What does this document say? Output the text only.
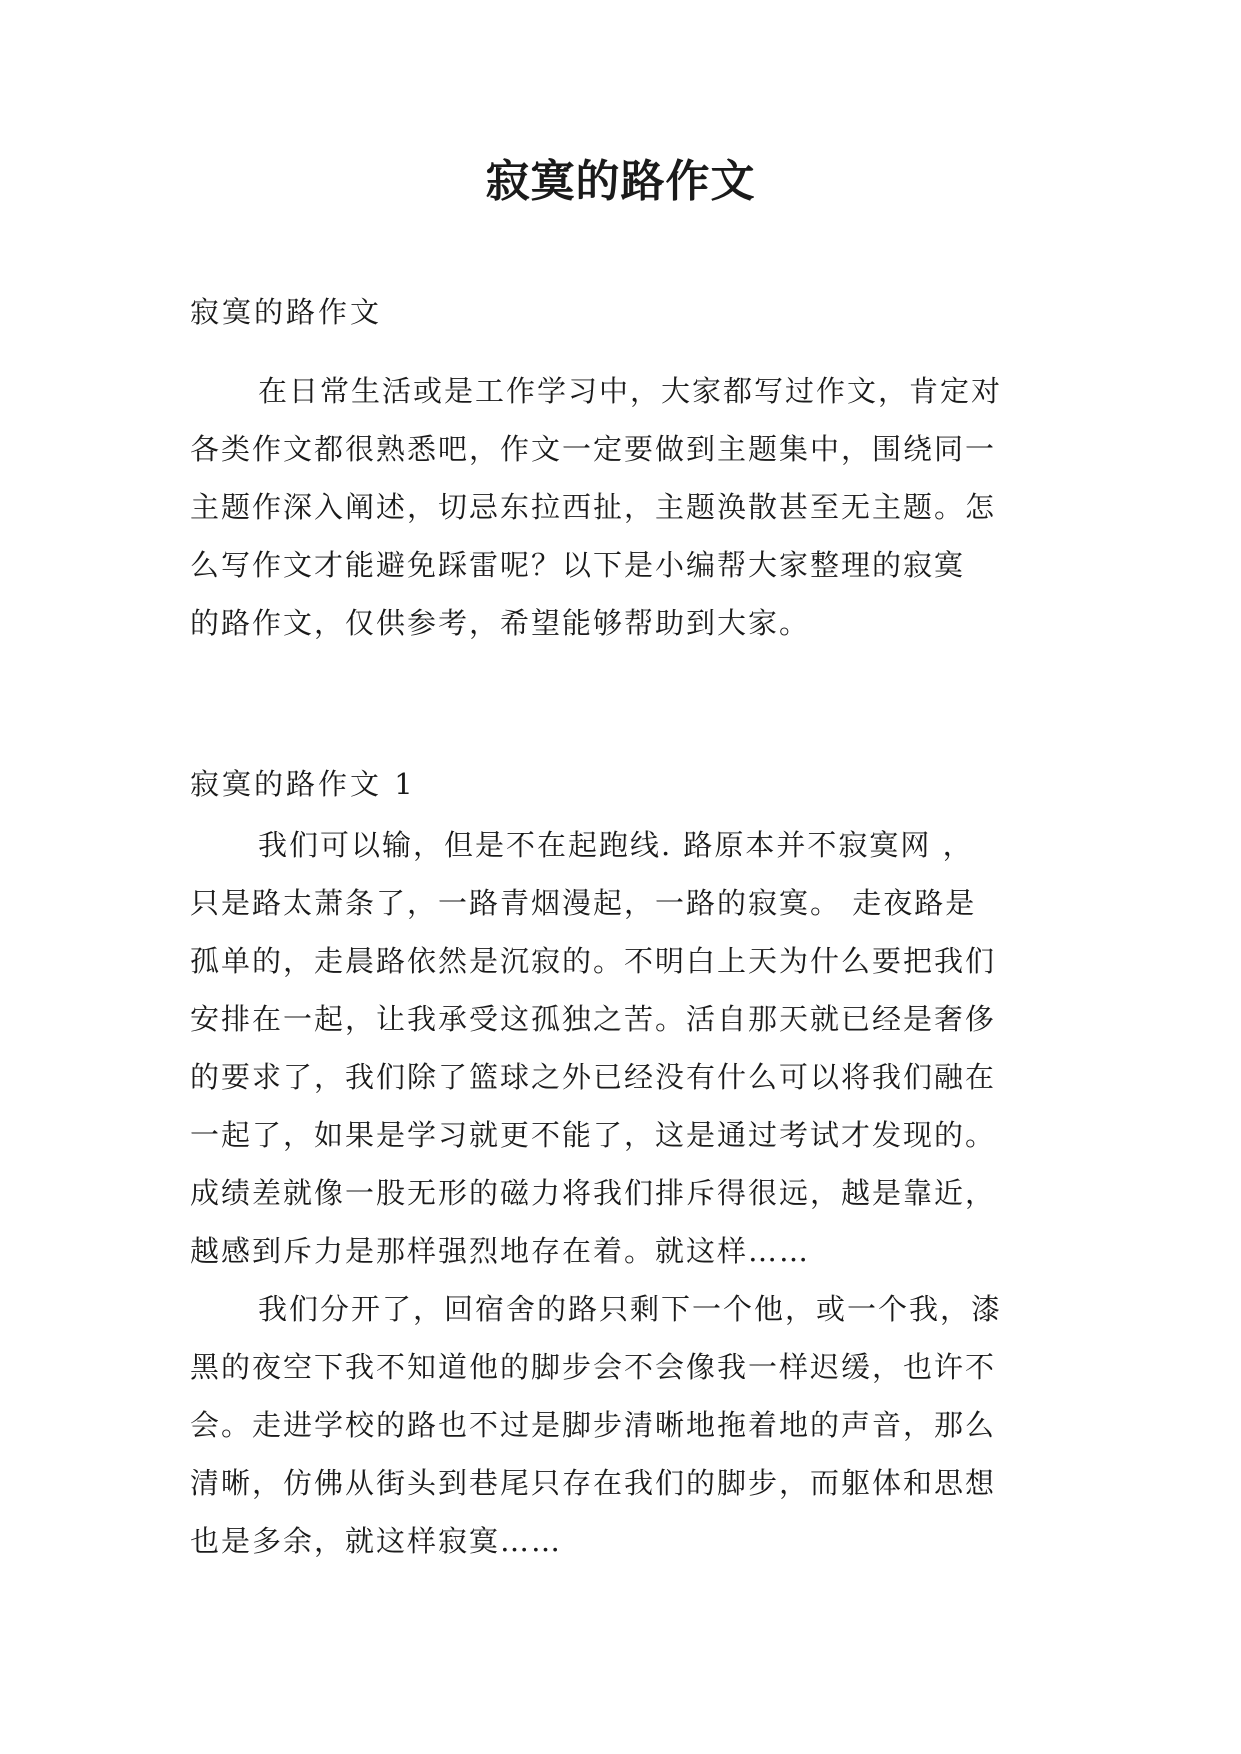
寂寞的路作文

寂寞的路作文

在日常生活或是工作学习中，大家都写过作文，肯定对
各类作文都很熟悉吧，作文一定要做到主题集中，围绕同一
主题作深入阐述，切忌东拉西扯，主题涣散甚至无主题。怎
么写作文才能避免踩雷呢？以下是小编帮大家整理的寂寞
的路作文，仅供参考，希望能够帮助到大家。

寂寞的路作文 1

我们可以输，但是不在起跑线. 路原本并不寂寞网 ，
只是路太萧条了，一路青烟漫起，一路的寂寞。 走夜路是
孤单的，走晨路依然是沉寂的。不明白上天为什么要把我们
安排在一起，让我承受这孤独之苦。活自那天就已经是奢侈
的要求了，我们除了篮球之外已经没有什么可以将我们融在
一起了，如果是学习就更不能了，这是通过考试才发现的。
成绩差就像一股无形的磁力将我们排斥得很远，越是靠近，
越感到斥力是那样强烈地存在着。就这样……
我们分开了，回宿舍的路只剩下一个他，或一个我，漆
黑的夜空下我不知道他的脚步会不会像我一样迟缓，也许不
会。走进学校的路也不过是脚步清晰地拖着地的声音，那么
清晰，仿佛从街头到巷尾只存在我们的脚步，而躯体和思想
也是多余，就这样寂寞……
